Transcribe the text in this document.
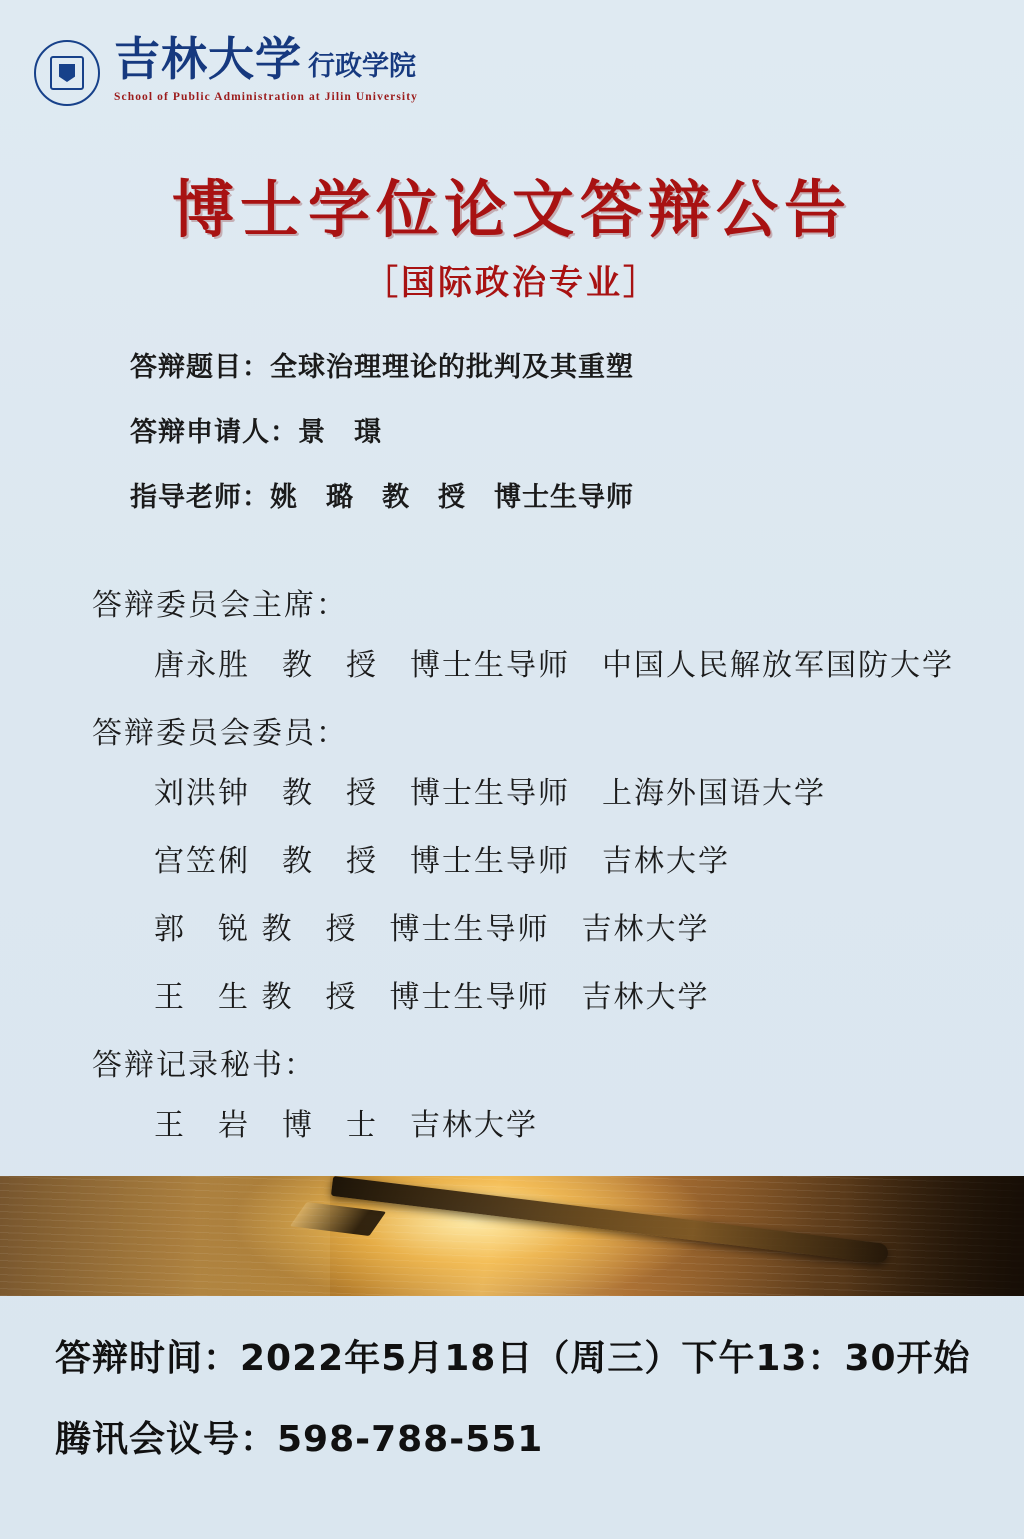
吉林大学 行政学院
School of Public Administration at Jilin University
博士学位论文答辩公告
［国际政治专业］
答辩题目：全球治理理论的批判及其重塑
答辩申请人：景　璟
指导老师：姚　璐　教　授　博士生导师
答辩委员会主席：
唐永胜　教　授　博士生导师　中国人民解放军国防大学
答辩委员会委员：
刘洪钟　教　授　博士生导师　上海外国语大学
宫笠俐　教　授　博士生导师　吉林大学
郭　锐 教　授　博士生导师　吉林大学
王　生 教　授　博士生导师　吉林大学
答辩记录秘书：
王　岩　博　士　吉林大学
答辩时间：2022年5月18日（周三）下午13：30开始
腾讯会议号：598-788-551
